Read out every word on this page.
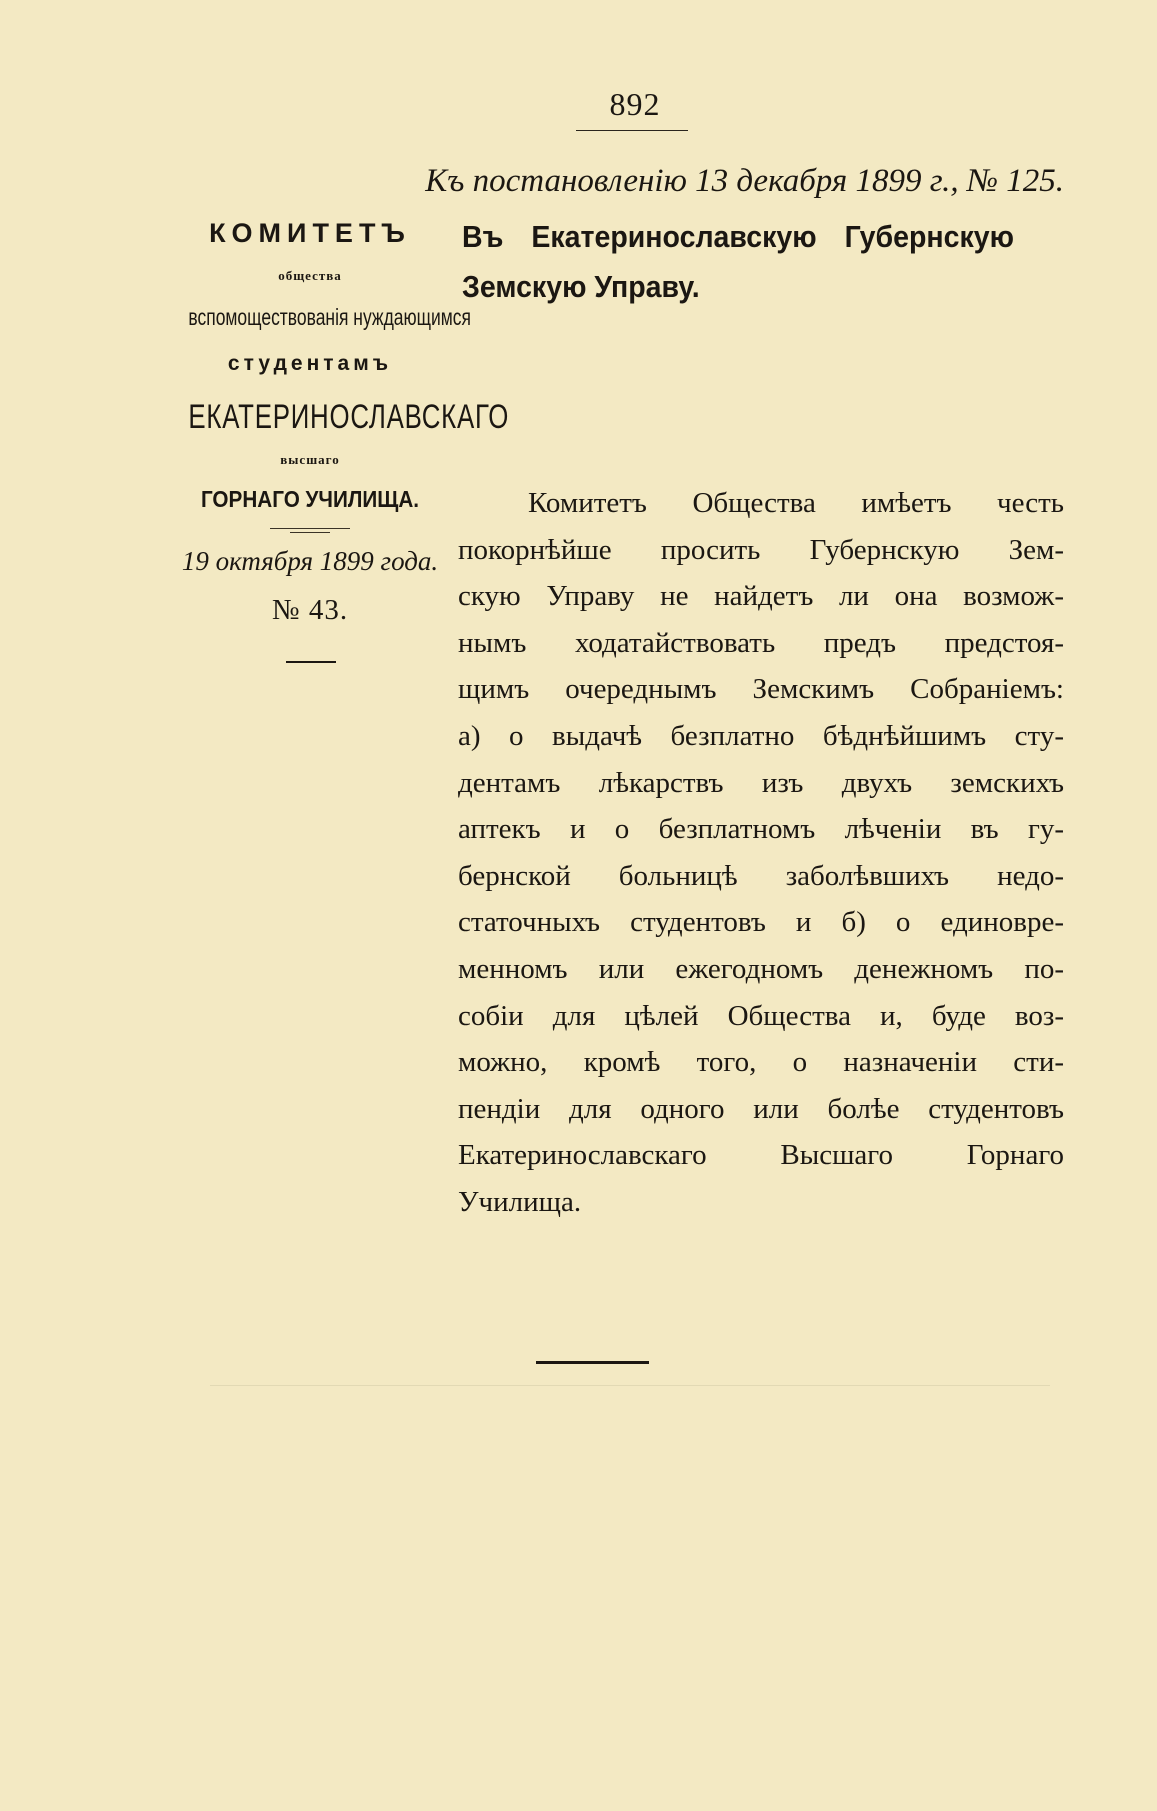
892
Къ постановленію 13 декабря 1899 г., № 125.
КОМИТЕТЪ
общества
вспомоществованія нуждающимся
студентамъ
ЕКАТЕРИНОСЛАВСКАГО
высшаго
ГОРНАГО УЧИЛИЩА.
19 октября 1899 года.
№ 43.
Въ Екатеринославскую Губернскую Земскую Управу.
Комитетъ Общества имѣетъ честь
покорнѣйше просить Губернскую Зем-
скую Управу не найдетъ ли она возмож-
нымъ ходатайствовать предъ предстоя-
щимъ очереднымъ Земскимъ Собраніемъ:
а) о выдачѣ безплатно бѣднѣйшимъ сту-
дентамъ лѣкарствъ изъ двухъ земскихъ
аптекъ и о безплатномъ лѣченіи въ гу-
бернской больницѣ заболѣвшихъ недо-
статочныхъ студентовъ и б) о единовре-
менномъ или ежегодномъ денежномъ по-
собіи для цѣлей Общества и, буде воз-
можно, кромѣ того, о назначеніи сти-
пендіи для одного или болѣе студентовъ
Екатеринославскаго Высшаго Горнаго
Училища.
